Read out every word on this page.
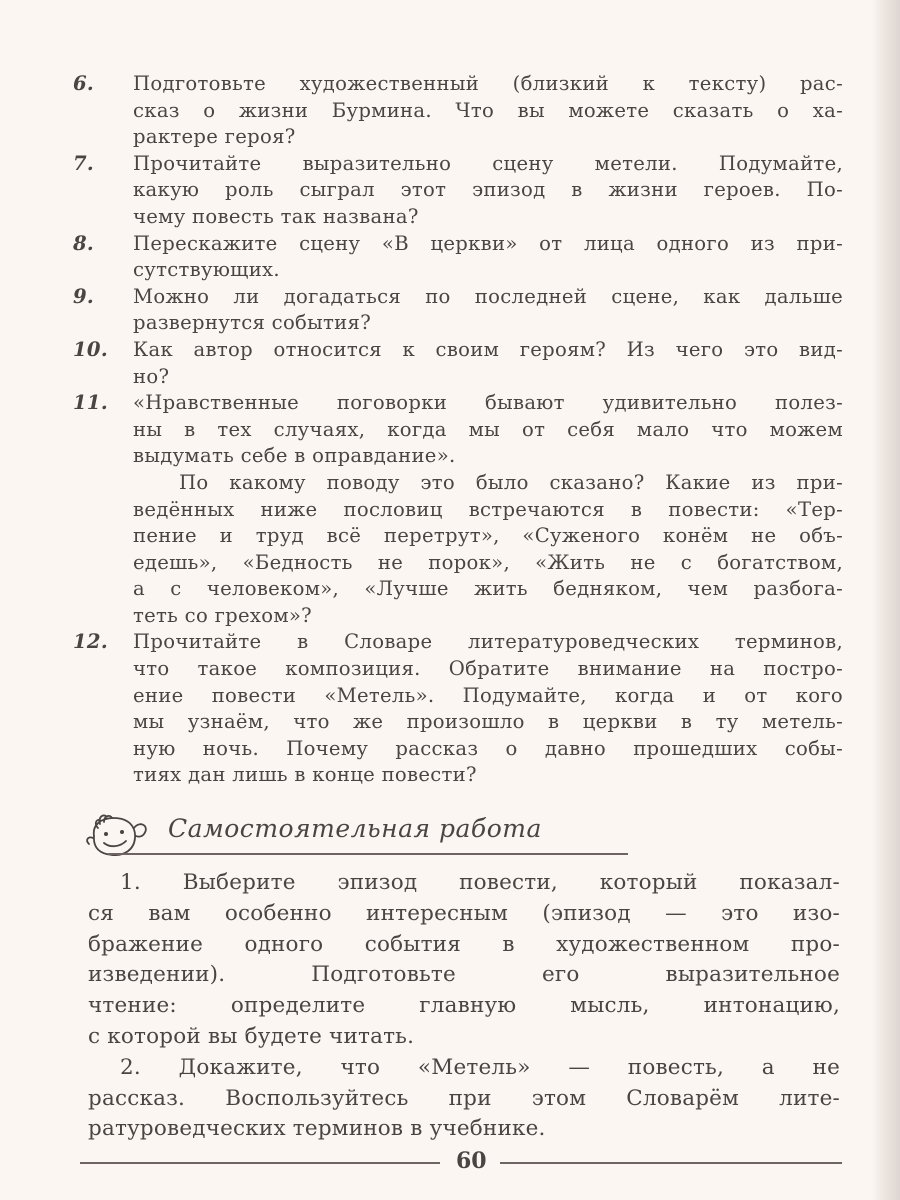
6.	Подготовьте художественный (близкий к тексту) рас-
сказ о жизни Бурмина. Что вы можете сказать о ха-
рактере героя?
7.	Прочитайте выразительно сцену метели. Подумайте,
какую роль сыграл этот эпизод в жизни героев. По-
чему повесть так названа?
8.	Перескажите сцену «В церкви» от лица одного из при-
сутствующих.
9.	Можно ли догадаться по последней сцене, как дальше
развернутся события?
10.	Как автор относится к своим героям? Из чего это вид-
но?
11.	«Нравственные поговорки бывают удивительно полез-
ны в тех случаях, когда мы от себя мало что можем
выдумать себе в оправдание».
По какому поводу это было сказано? Какие из при-
ведённых ниже пословиц встречаются в повести: «Тер-
пение и труд всё перетрут», «Суженого конём не объ-
едешь», «Бедность не порок», «Жить не с богатством,
а с человеком», «Лучше жить бедняком, чем разбога-
теть со грехом»?
12.	Прочитайте в Словаре литературоведческих терминов,
что такое композиция. Обратите внимание на постро-
ение повести «Метель». Подумайте, когда и от кого
мы узнаём, что же произошло в церкви в ту метель-
ную ночь. Почему рассказ о давно прошедших собы-
тиях дан лишь в конце повести?
Самостоятельная работа
1. Выберите эпизод повести, который показал-
ся вам особенно интересным (эпизод — это изо-
бражение одного события в художественном про-
изведении). Подготовьте его выразительное
чтение: определите главную мысль, интонацию,
с которой вы будете читать.
2. Докажите, что «Метель» — повесть, а не
рассказ. Воспользуйтесь при этом Словарём лите-
ратуроведческих терминов в учебнике.
60
